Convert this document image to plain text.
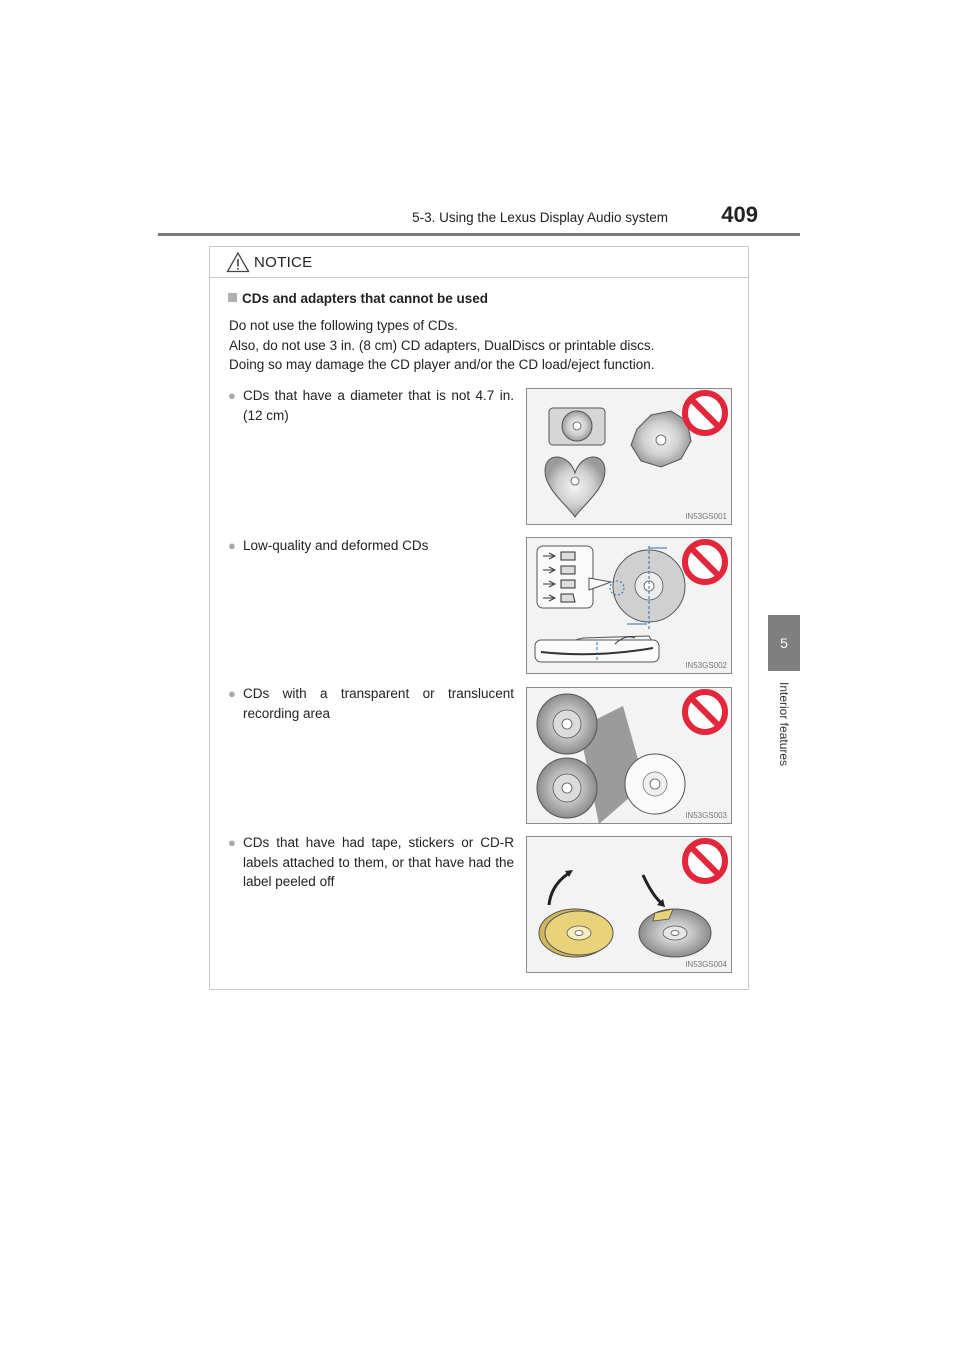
5-3. Using the Lexus Display Audio system 409
5
Interior features
NOTICE
CDs and adapters that cannot be used
Do not use the following types of CDs.
Also, do not use 3 in. (8 cm) CD adapters, DualDiscs or printable discs.
Doing so may damage the CD player and/or the CD load/eject function.
● CDs that have a diameter that is not 4.7 in. (12 cm)
IN53GS001
● Low-quality and deformed CDs
IN53GS002
● CDs with a transparent or translucent recording area
IN53GS003
● CDs that have had tape, stickers or CD-R labels attached to them, or that have had the label peeled off
IN53GS004
